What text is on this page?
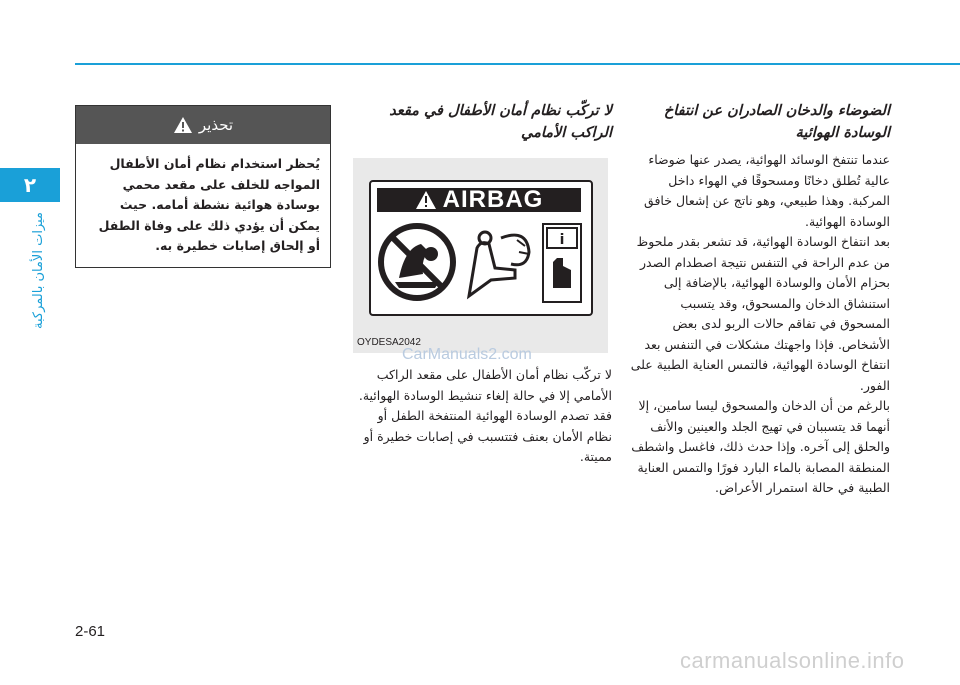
٢
ميزات الأمان بالمركبة
الضوضاء والدخان الصادران عن انتفاخ الوسادة الهوائية

عندما تنتفخ الوسائد الهوائية، يصدر عنها ضوضاء عالية تُطلق دخانًا ومسحوقًا في الهواء داخل المركبة. وهذا طبيعي، وهو ناتج عن إشعال خافق الوسادة الهوائية.

بعد انتفاخ الوسادة الهوائية، قد تشعر بقدر ملحوظ من عدم الراحة في التنفس نتيجة اصطدام الصدر بحزام الأمان والوسادة الهوائية، بالإضافة إلى استنشاق الدخان والمسحوق، وقد يتسبب المسحوق في تفاقم حالات الربو لدى بعض الأشخاص. فإذا واجهتك مشكلات في التنفس بعد انتفاخ الوسادة الهوائية، فالتمس العناية الطبية على الفور.

بالرغم من أن الدخان والمسحوق ليسا سامين، إلا أنهما قد يتسببان في تهيج الجلد والعينين والأنف والحلق إلى آخره. وإذا حدث ذلك، فاغسل واشطف المنطقة المصابة بالماء البارد فورًا والتمس العناية الطبية في حالة استمرار الأعراض.

لا تركّب نظام أمان الأطفال في مقعد الراكب الأمامي
AIRBAG
i
OYDESA2042
CarManuals2.com

لا تركّب نظام أمان الأطفال على مقعد الراكب الأمامي إلا في حالة إلغاء تنشيط الوسادة الهوائية. فقد تصدم الوسادة الهوائية المنتفخة الطفل أو نظام الأمان بعنف فتتسبب في إصابات خطيرة أو مميتة.

تحذير
يُحظر استخدام نظام أمان الأطفال المواجه للخلف على مقعد محمي بوسادة هوائية نشطة أمامه. حيث يمكن أن يؤدي ذلك على وفاة الطفل أو إلحاق إصابات خطيرة به.
2-61
carmanualsonline.info
